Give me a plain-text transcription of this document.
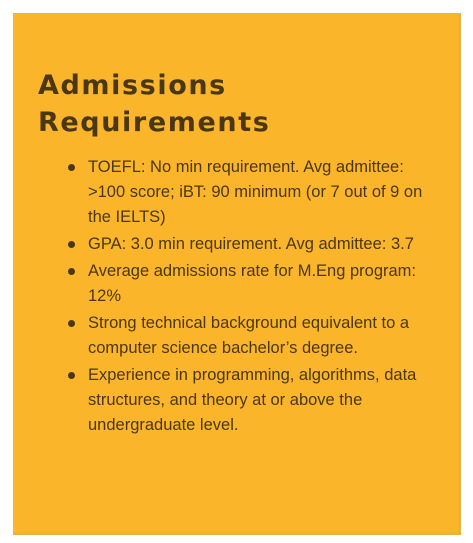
Admissions Requirements
TOEFL: No min requirement. Avg admittee: >100 score; iBT: 90 minimum (or 7 out of 9 on the IELTS)
GPA: 3.0 min requirement. Avg admittee: 3.7
Average admissions rate for M.Eng program: 12%
Strong technical background equivalent to a computer science bachelor’s degree.
Experience in programming, algorithms, data structures, and theory at or above the undergraduate level.
